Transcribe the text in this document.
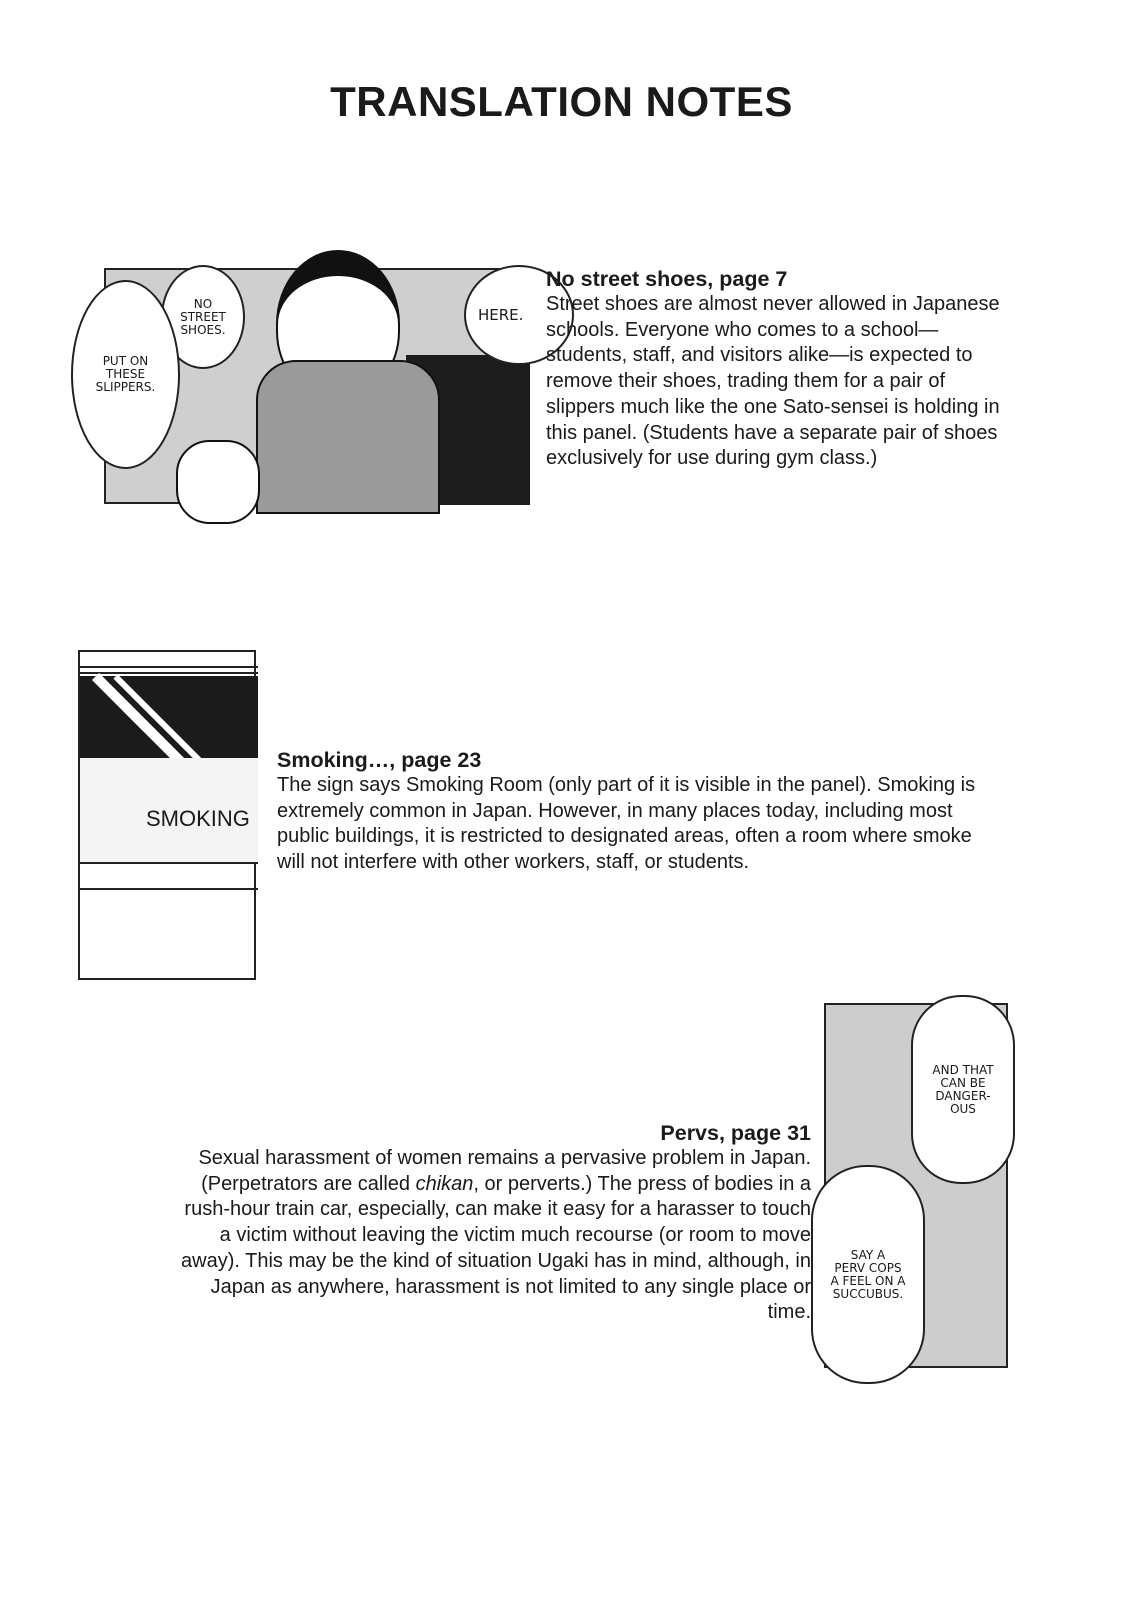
TRANSLATION NOTES
NO
STREET
SHOES.
PUT ON
THESE
SLIPPERS.
HERE.
No street shoes, page 7

Street shoes are almost never allowed in Japanese schools. Everyone who comes to a school—students, staff, and visitors alike—is expected to remove their shoes, trading them for a pair of slippers much like the one Sato-sensei is holding in this panel. (Students have a separate pair of shoes exclusively for use during gym class.)

SMOKING
Smoking…, page 23

The sign says Smoking Room (only part of it is visible in the panel). Smoking is extremely common in Japan. However, in many places today, including most public buildings, it is restricted to designated areas, often a room where smoke will not interfere with other workers, staff, or students.

AND THAT
CAN BE
DANGER-
OUS
SAY A
PERV COPS
A FEEL ON A
SUCCUBUS.
Pervs, page 31

Sexual harassment of women remains a pervasive problem in Japan. (Perpetrators are called chikan, or perverts.) The press of bodies in a rush-hour train car, especially, can make it easy for a harasser to touch a victim without leaving the victim much recourse (or room to move away). This may be the kind of situation Ugaki has in mind, although, in Japan as anywhere, harassment is not limited to any single place or time.
